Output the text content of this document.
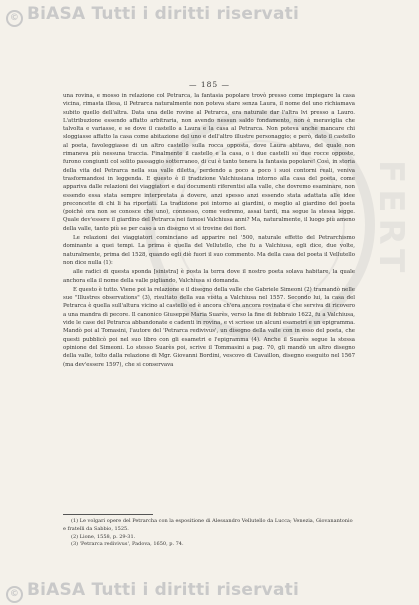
FERT
© BiASA Tutti i diritti riservati
— 185 —

una rovina, e mosso in relazione col Petrarca, la fantasia popolare trovò presso come impiegare la casa vicina, rimasta illesa, il Petrarca naturalmente non poteva stare senza Laura, il nome del uno richiamava subito quello dell'altra. Data una delle rovine al Petrarca, era naturale dar l'altra lvi presso a Lauro. L'attribuzione essendo affatto arbitraria, non avendo nessun saldo fondamento, non è meraviglia che talvolta e variasse, e se dove il castello a Laura e la casa al Petrarca. Non poteva anche mancare chi sloggiasse affatto la casa come abitazione del uno e dell'altro illustre personaggio; e però, dato il castello al poeta, favoleggiasse di un altro castello sulla rocca opposta, dove Laura abitava, del quale non rimaneva più nessuna traccia. Finalmente il castello e la casa, o i due castelli su due rocce opposte, furono congiunti col solito passaggio sotterraneo, di cui è tanto tenera la fantasia popolare! Così, in storia della vita del Petrarca nella sua valle diletta, perdendo a poco a poco i suoi contorni reali, veniva trasformandosi in leggenda. E questo è il tradizione Valchiusiana intorno alla casa del poeta, come appariva dalle relazioni dei viaggiatori e dai documenti riferentisi alla valle, che dovremo esaminare, non essendo essa stata sempre interpretata a dovere, anzi spesso anzi essendo stata adattata alle idee preconcette di chi li ha riportati. La tradizione poi intorno ai giardini, o meglio al giardino del poeta (poichè ora non se conosce che uno), connesso, come vedremo, assai tardi, ma segue la stessa legge. Quale dev'essere il giardino del Petrarca nei famosi Valchiusa anni? Ma, naturalmente, il luogo più ameno della valle, tanto più se per caso a un disegno vi si trovine dei fiori.

Le relazioni dei viaggiatori cominciano ad apparire nel '500, naturale effetto del Petrarchismo dominante a quei tempi. La prima è quella del Vellutello, che fu a Valchiusa, egli dice, due volte, naturalmente, prima del 1528, quando egli diè fuori il suo commento. Ma della casa del poeta il Vellutello non dice nulla (1):

alle radici di questa sponda [sinistra] è posta la terra dove il nostro poeta solava habitare, la quale anchora ella il nome della valle pigliando, Valchiusa si domanda.

E questo è tutto. Viene poi la relazione e il disegno della valle che Gabriele Simeoni (2) tramandò nelle sue "Illustres observations" (3), risultato della sua visita a Valchiusa nel 1557. Secondo lui, la casa del Petrarca è quella sull'altura vicino al castello ed è ancora ch'era ancora rovinata e che serviva di ricovero a una mandra di pecore. Il canonico Giuseppe Maria Suarès, verso la fine di febbraio 1622, fu a Valchiusa, vide le case del Petrarca abbandonate e cadenti in rovina, e vi scrisse un alcuni esametri e un epigramma. Mandò poi al Tomasini, l'autore del 'Petrarca redivivus', un disegno della valle con in esso del poeta, che questi pubblicò poi nel suo libro con gli esametri e l'epigramma (4). Anche il Suarès segue la stessa opinione del Simeoni. Lo stesso Suarès poi, scrive il Tommasini a pag. 70, gli mandò un altro disegno della valle, tolto dalla relazione di Mgr. Giovanni Bordini, vescovo di Cavaillon, disegno eseguito nel 1567 (ma dev'essere 1597), che si conservava

(1) Le volgari opere del Petrarcha con la espositione di Alessandro Vellutello da Lucca; Venezia, Giovanantonio e fratelli da Sabbio, 1525.
(2) Lione, 1558, p. 29-31.
(3) 'Petrarca redivivus', Padova, 1650, p. 74.
© BiASA Tutti i diritti riservati
